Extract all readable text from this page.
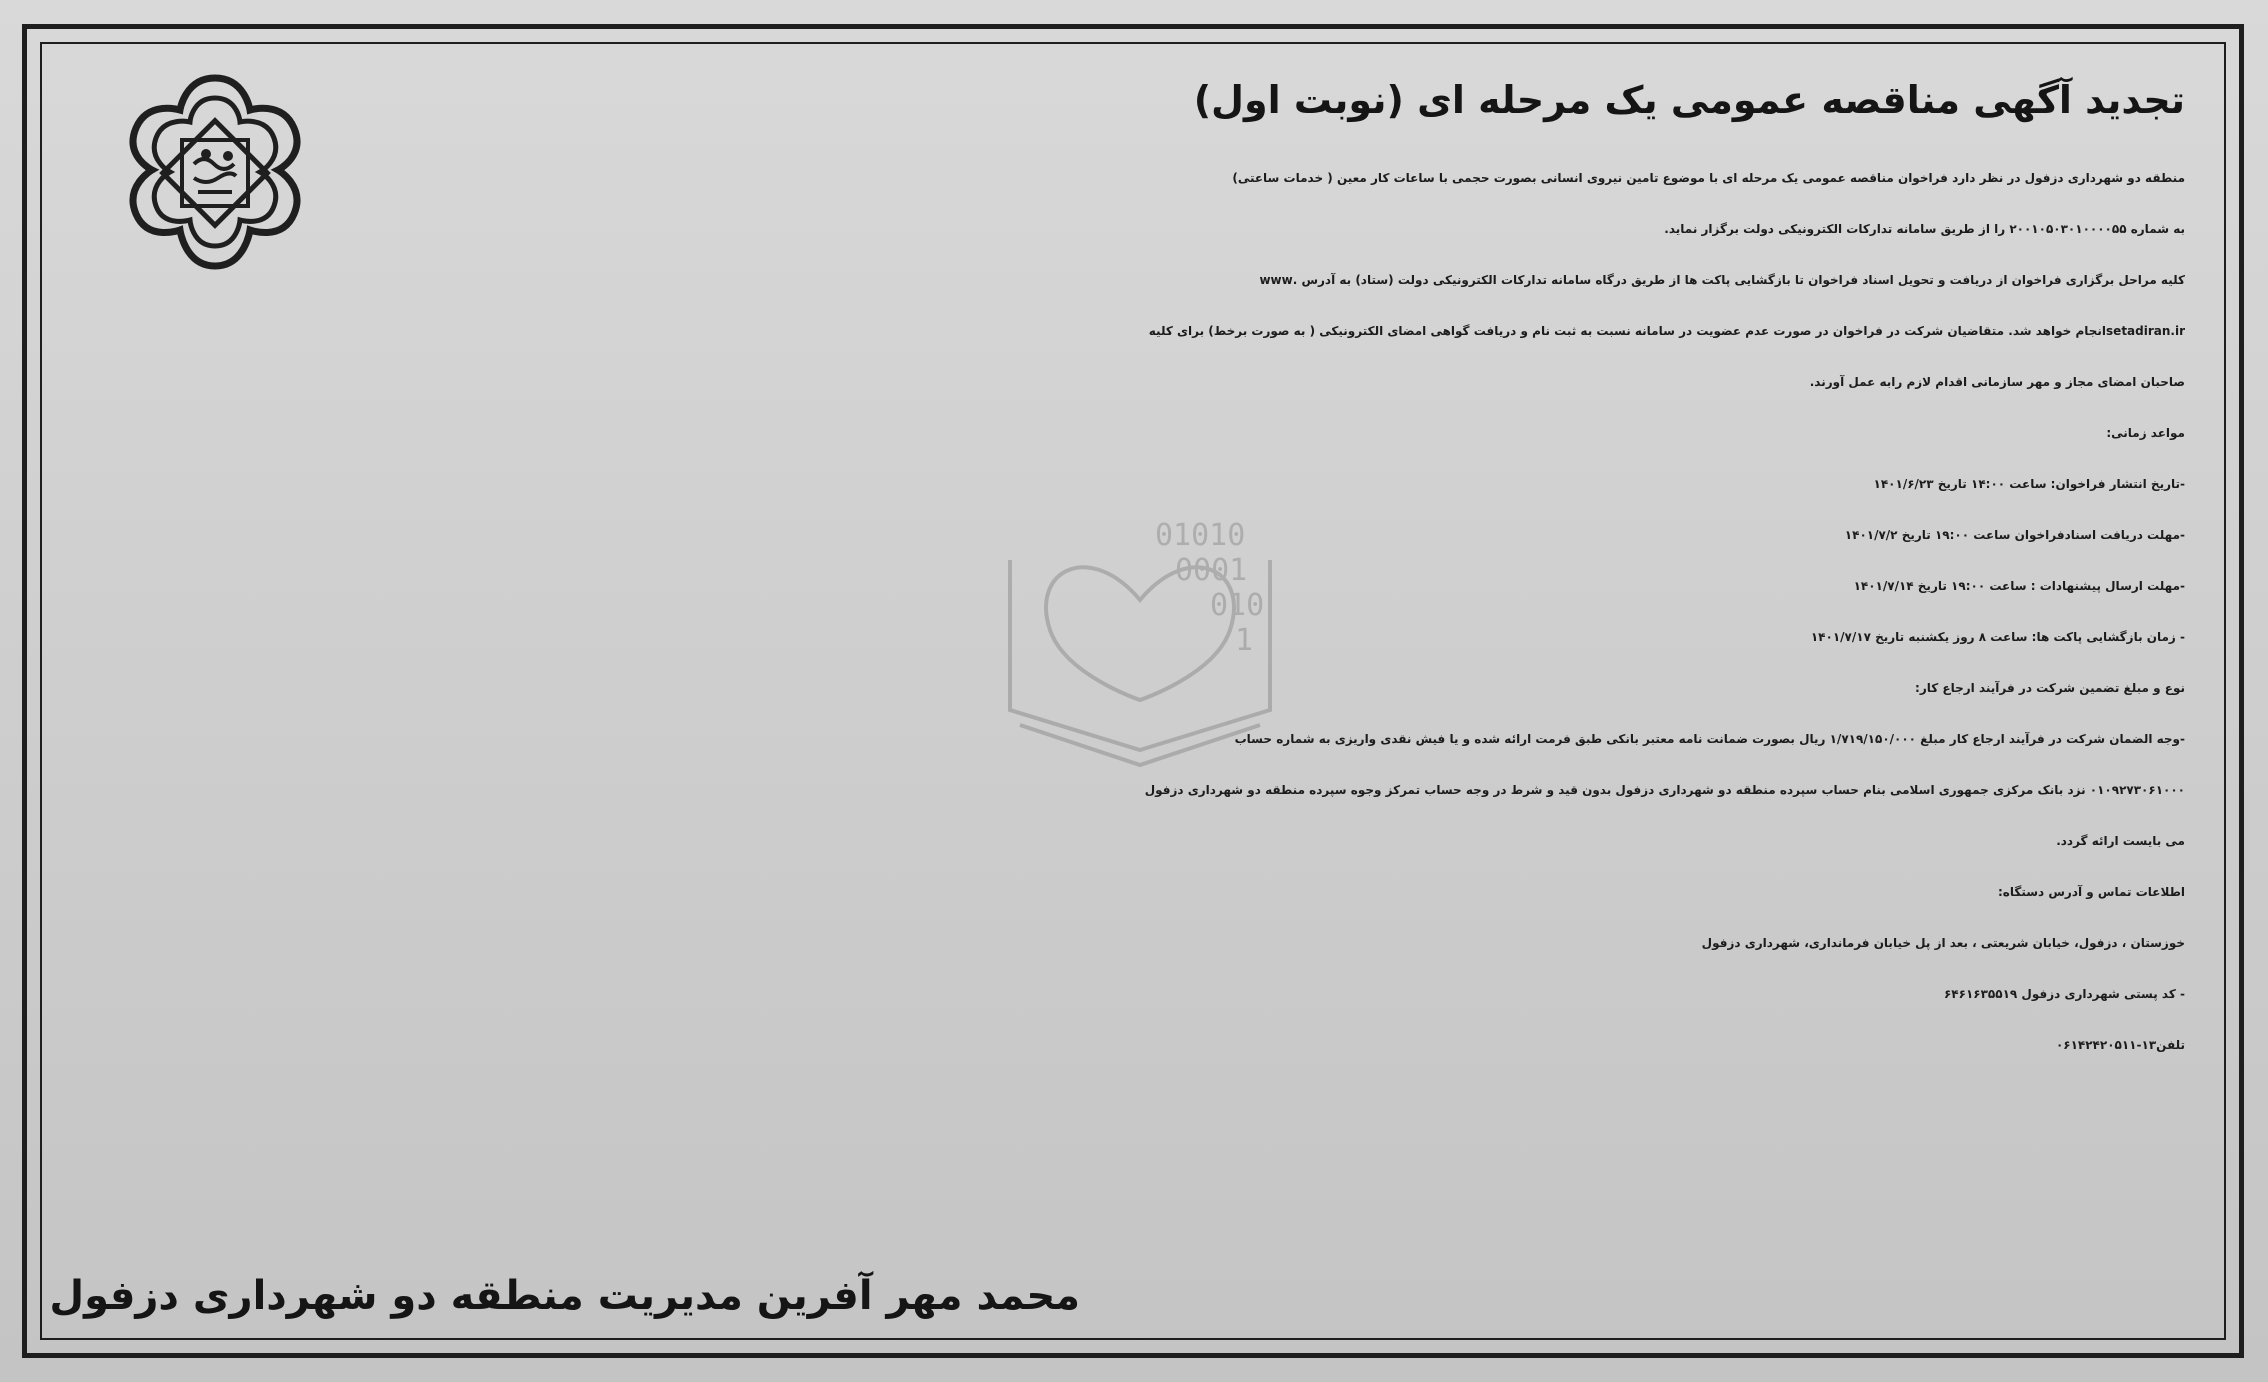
01010
0001
010
1
تجدید آگهی مناقصه عمومی یک مرحله ای (نوبت اول)
منطقه دو شهرداری دزفول در نظر دارد فراخوان مناقصه عمومی یک مرحله ای با موضوع تامین نیروی انسانی بصورت حجمی با ساعات کار معین ( خدمات ساعتی)
به شماره ۲۰۰۱۰۵۰۳۰۱۰۰۰۰۵۵ را از طریق سامانه تدارکات الکترونیکی دولت برگزار نماید.
کلیه مراحل برگزاری فراخوان از دریافت و تحویل اسناد فراخوان تا بازگشایی پاکت ها از طریق درگاه سامانه تدارکات الکترونیکی دولت (ستاد) به آدرس .www
setadiran.irانجام خواهد شد. متقاضیان شرکت در فراخوان در صورت عدم عضویت در سامانه نسبت به ثبت نام و دریافت گواهی امضای الکترونیکی ( به صورت برخط) برای کلیه
صاحبان امضای مجاز و مهر سازمانی اقدام لازم رابه عمل آورند.
مواعد زمانی:
-تاریخ انتشار فراخوان: ساعت ۱۴:۰۰ تاریخ ۱۴۰۱/۶/۲۳
-مهلت دریافت اسنادفراخوان ساعت ۱۹:۰۰ تاریخ ۱۴۰۱/۷/۲
-مهلت ارسال پیشنهادات : ساعت ۱۹:۰۰ تاریخ ۱۴۰۱/۷/۱۴
- زمان بازگشایی پاکت ها: ساعت ۸ روز یکشنبه تاریخ ۱۴۰۱/۷/۱۷
نوع و مبلغ تضمین شرکت در فرآیند ارجاع کار:
-وجه الضمان شرکت در فرآیند ارجاع کار مبلغ ۱/۷۱۹/۱۵۰/۰۰۰ ریال بصورت ضمانت نامه معتبر بانکی طبق فرمت ارائه شده و یا فیش نقدی واریزی به شماره حساب
۰۱۰۹۲۷۳۰۶۱۰۰۰ نزد بانک مرکزی جمهوری اسلامی بنام حساب سپرده منطقه دو شهرداری دزفول بدون قید و شرط در وجه حساب تمرکز وجوه سپرده منطقه دو شهرداری دزفول
می بایست ارائه گردد.
اطلاعات تماس و آدرس دستگاه:
خوزستان ، دزفول، خیابان شریعتی ، بعد از پل خیابان فرمانداری، شهرداری دزفول
- کد پستی شهرداری دزفول ۶۴۶۱۶۳۵۵۱۹
تلفن۱۳-۰۶۱۴۲۴۲۰۵۱۱
محمد مهر آفرین مدیریت منطقه دو شهرداری دزفول
